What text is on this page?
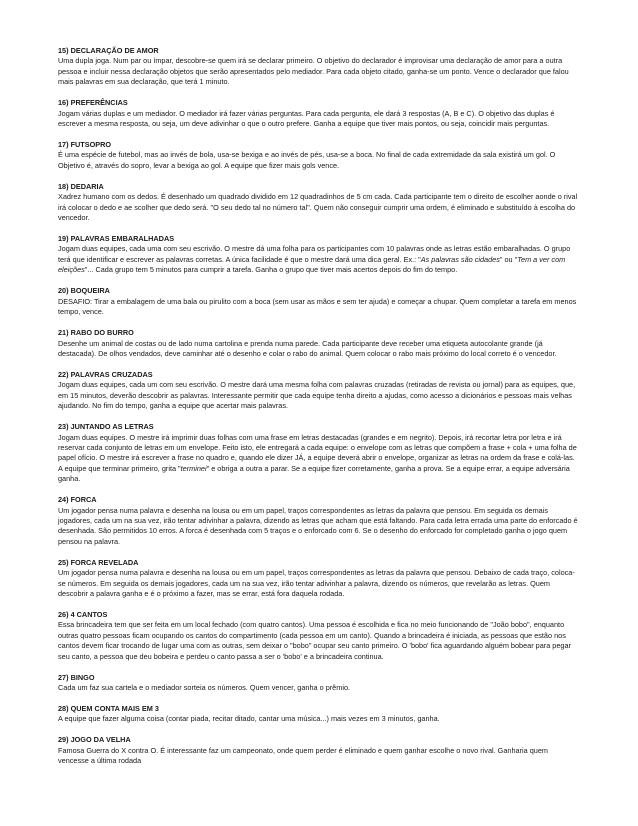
15) DECLARAÇÃO DE AMOR
Uma dupla joga. Num par ou ímpar, descobre-se quem irá se declarar primeiro. O objetivo do declarador é improvisar uma declaração de amor para a outra pessoa e incluir nessa declaração objetos que serão apresentados pelo mediador. Para cada objeto citado, ganha-se um ponto. Vence o declarador que falou mais palavras em sua declaração, que terá 1 minuto.
16) PREFERÊNCIAS
Jogam várias duplas e um mediador. O mediador irá fazer várias perguntas. Para cada pergunta, ele dará 3 respostas (A, B e C). O objetivo das duplas é escrever a mesma resposta, ou seja, um deve adivinhar o que o outro prefere. Ganha a equipe que tiver mais pontos, ou seja, coincidir mais perguntas.
17) FUTSOPRO
É uma espécie de futebol, mas ao invés de bola, usa-se bexiga e ao invés de pés, usa-se a boca. No final de cada extremidade da sala existirá um gol. O Objetivo é, através do sopro, levar a bexiga ao gol. A equipe que fizer mais gols vence.
18) DEDARIA
Xadrez humano com os dedos. É desenhado um quadrado dividido em 12 quadradinhos de 5 cm cada. Cada participante tem o direito de escolher aonde o rival irá colocar o dedo e ae scolher que dedo será. "O seu dedo tal no número tal". Quem não conseguir cumprir uma ordem, é eliminado e substituído à escolha do vencedor.
19) PALAVRAS EMBARALHADAS
Jogam duas equipes, cada uma com seu escrivão. O mestre dá uma folha para os participantes com 10 palavras onde as letras estão embaralhadas. O grupo terá que identificar e escrever as palavras corretas. A única facilidade é que o mestre dará uma dica geral. Ex.: "As palavras são cidades" ou "Tem a ver com eleições"... Cada grupo tem 5 minutos para cumprir a tarefa. Ganha o grupo que tiver mais acertos depois do fim do tempo.
20) BOQUEIRA
DESAFIO: Tirar a embalagem de uma bala ou pirulito com a boca (sem usar as mãos e sem ter ajuda) e começar a chupar. Quem completar a tarefa em menos tempo, vence.
21) RABO DO BURRO
Desenhe um animal de costas ou de lado numa cartolina e prenda numa parede. Cada participante deve receber uma etiqueta autocolante grande (já destacada). De olhos vendados, deve caminhar até o desenho e colar o rabo do animal. Quem colocar o rabo mais próximo do local correto é o vencedor.
22) PALAVRAS CRUZADAS
Jogam duas equipes, cada um com seu escrivão. O mestre dará uma mesma folha com palavras cruzadas (retiradas de revista ou jornal) para as equipes, que, em 15 minutos, deverão descobrir as palavras. Interessante permitir que cada equipe tenha direito a ajudas, como acesso a dicionários e pessoas mais velhas ajudando. No fim do tempo, ganha a equipe que acertar mais palavras.
23) JUNTANDO AS LETRAS
Jogam duas equipes. O mestre irá imprimir duas folhas com uma frase em letras destacadas (grandes e em negrito). Depois, irá recortar letra por letra e irá reservar cada conjunto de letras em um envelope. Feito isto, ele entregará a cada equipe: o envelope com as letras que compõem a frase + cola + uma folha de papel ofício. O mestre irá escrever a frase no quadro e, quando ele dizer JÁ, a equipe deverá abrir o envelope, organizar as letras na ordem da frase e colá-las. A equipe que terminar primeiro, grita "terminei" e obriga a outra a parar. Se a equipe fizer corretamente, ganha a prova. Se a equipe errar, a equipe adversária ganha.
24) FORCA
Um jogador pensa numa palavra e desenha na lousa ou em um papel, traços correspondentes as letras da palavra que pensou. Em seguida os demais jogadores, cada um na sua vez, irão tentar adivinhar a palavra, dizendo as letras que acham que está faltando. Para cada letra errada uma parte do enforcado é desenhada. São permitidos 10 erros. A forca é desenhada com 5 traços e o enforcado com 6. Se o desenho do enforcado for completado ganha o jogo quem pensou na palavra.
25) FORCA REVELADA
Um jogador pensa numa palavra e desenha na lousa ou em um papel, traços correspondentes as letras da palavra que pensou. Debaixo de cada traço, coloca-se números. Em seguida os demais jogadores, cada um na sua vez, irão tentar adivinhar a palavra, dizendo os números, que revelarão as letras. Quem descobrir a palavra ganha e é o próximo a fazer, mas se errar, está fora daquela rodada.
26) 4 CANTOS
Essa brincadeira tem que ser feita em um local fechado (com quatro cantos). Uma pessoa é escolhida e fica no meio funcionando de "João bobo", enquanto outras quatro pessoas ficam ocupando os cantos do compartimento (cada pessoa em um canto). Quando a brincadeira é iniciada, as pessoas que estão nos cantos devem ficar trocando de lugar uma com as outras, sem deixar o "bobo" ocupar seu canto primeiro. O 'bobo' fica aguardando alguém bobear para pegar seu canto, a pessoa que deu bobeira e perdeu o canto passa a ser o 'bobo' e a brincadeira continua.
27) BINGO
Cada um faz sua cartela e o mediador sorteia os números. Quem vencer, ganha o prêmio.
28) QUEM CONTA MAIS EM 3
A equipe que fazer alguma coisa (contar piada, recitar ditado, cantar uma música...) mais vezes em 3 minutos, ganha.
29) JOGO DA VELHA
Famosa Guerra do X contra O. É interessante faz um campeonato, onde quem perder é eliminado e quem ganhar escolhe o novo rival. Ganharia quem vencesse a última rodada
